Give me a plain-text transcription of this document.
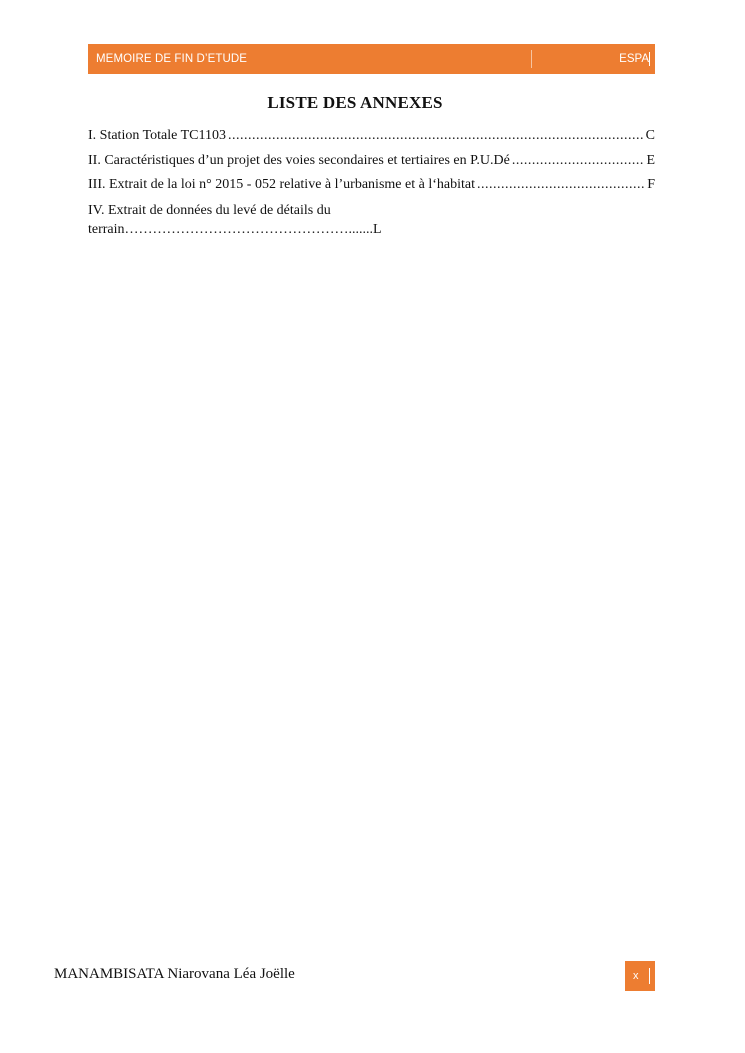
MEMOIRE DE FIN D’ETUDE	ESPA
LISTE DES ANNEXES
I. Station Totale TC1103 .....	C
II. Caractéristiques d’un projet des voies secondaires et tertiaires en P.U.Dé .....	E
III. Extrait de la loi n° 2015 - 052 relative à l’urbanisme et à l‘habitat .....	F
IV. Extrait de données du levé de détails du
terrain………………………………………….......L
MANAMBISATA Niarovana Léa Joëlle	x
